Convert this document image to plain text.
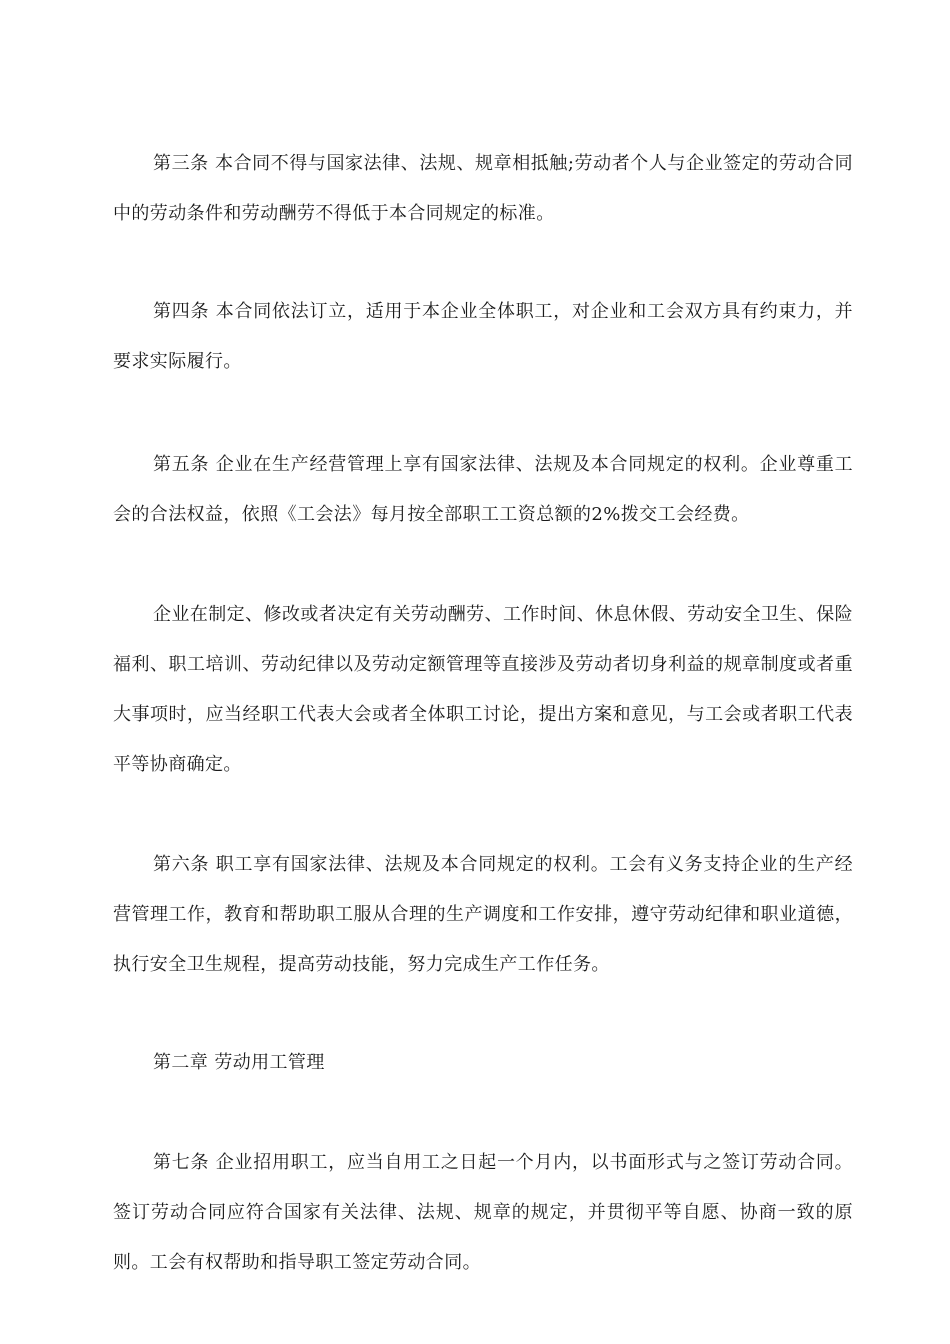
第三条 本合同不得与国家法律、法规、规章相抵触;劳动者个人与企业签定的劳动合同中的劳动条件和劳动酬劳不得低于本合同规定的标准。

第四条 本合同依法订立，适用于本企业全体职工，对企业和工会双方具有约束力，并要求实际履行。

第五条 企业在生产经营管理上享有国家法律、法规及本合同规定的权利。企业尊重工会的合法权益，依照《工会法》每月按全部职工工资总额的2%拨交工会经费。

企业在制定、修改或者决定有关劳动酬劳、工作时间、休息休假、劳动安全卫生、保险福利、职工培训、劳动纪律以及劳动定额管理等直接涉及劳动者切身利益的规章制度或者重大事项时，应当经职工代表大会或者全体职工讨论，提出方案和意见，与工会或者职工代表平等协商确定。

第六条 职工享有国家法律、法规及本合同规定的权利。工会有义务支持企业的生产经营管理工作，教育和帮助职工服从合理的生产调度和工作安排，遵守劳动纪律和职业道德，执行安全卫生规程，提高劳动技能，努力完成生产工作任务。

第二章 劳动用工管理

第七条 企业招用职工，应当自用工之日起一个月内，以书面形式与之签订劳动合同。签订劳动合同应符合国家有关法律、法规、规章的规定，并贯彻平等自愿、协商一致的原则。工会有权帮助和指导职工签定劳动合同。
